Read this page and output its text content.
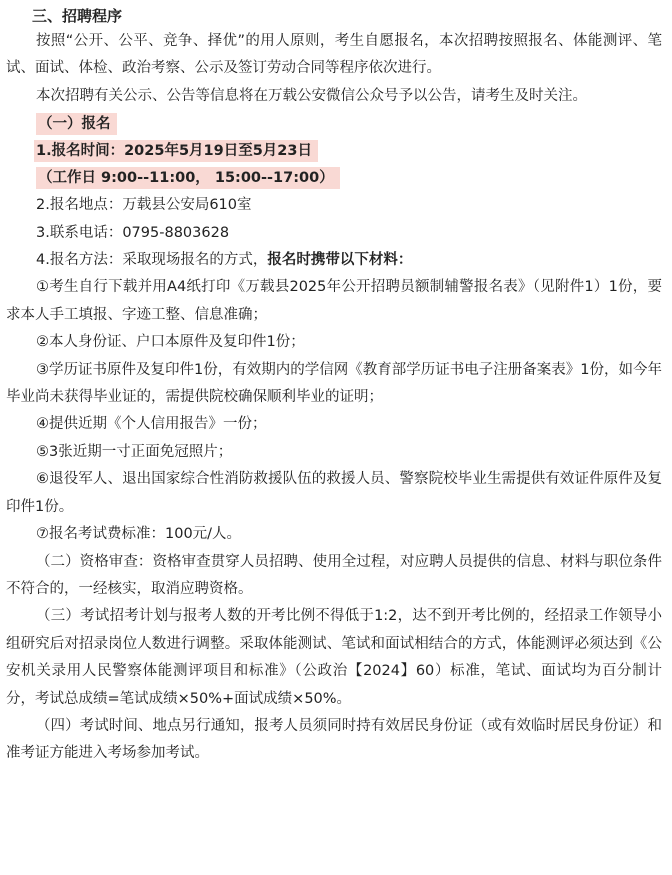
三、招聘程序

按照“公开、公平、竞争、择优”的用人原则，考生自愿报名，本次招聘按照报名、体能测评、笔试、面试、体检、政治考察、公示及签订劳动合同等程序依次进行。

本次招聘有关公示、公告等信息将在万载公安微信公众号予以公告，请考生及时关注。

（一）报名
1.报名时间：2025年5月19日至5月23日
（工作日 9:00--11:00， 15:00--17:00）
2.报名地点：万载县公安局610室
3.联系电话：0795-8803628
4.报名方法：采取现场报名的方式，报名时携带以下材料：

①考生自行下载并用A4纸打印《万载县2025年公开招聘员额制辅警报名表》（见附件1）1份，要求本人手工填报、字迹工整、信息准确；

②本人身份证、户口本原件及复印件1份；

③学历证书原件及复印件1份，有效期内的学信网《教育部学历证书电子注册备案表》1份，如今年毕业尚未获得毕业证的，需提供院校确保顺利毕业的证明；

④提供近期《个人信用报告》一份；

⑤3张近期一寸正面免冠照片；

⑥退役军人、退出国家综合性消防救援队伍的救援人员、警察院校毕业生需提供有效证件原件及复印件1份。

⑦报名考试费标准：100元/人。

（二）资格审查：资格审查贯穿人员招聘、使用全过程，对应聘人员提供的信息、材料与职位条件不符合的，一经核实，取消应聘资格。

（三）考试招考计划与报考人数的开考比例不得低于1:2，达不到开考比例的，经招录工作领导小组研究后对招录岗位人数进行调整。采取体能测试、笔试和面试相结合的方式，体能测评必须达到《公安机关录用人民警察体能测评项目和标准》（公政治【2024】60）标准，笔试、面试均为百分制计分，考试总成绩=笔试成绩×50%+面试成绩×50%。

（四）考试时间、地点另行通知，报考人员须同时持有效居民身份证（或有效临时居民身份证）和准考证方能进入考场参加考试。
